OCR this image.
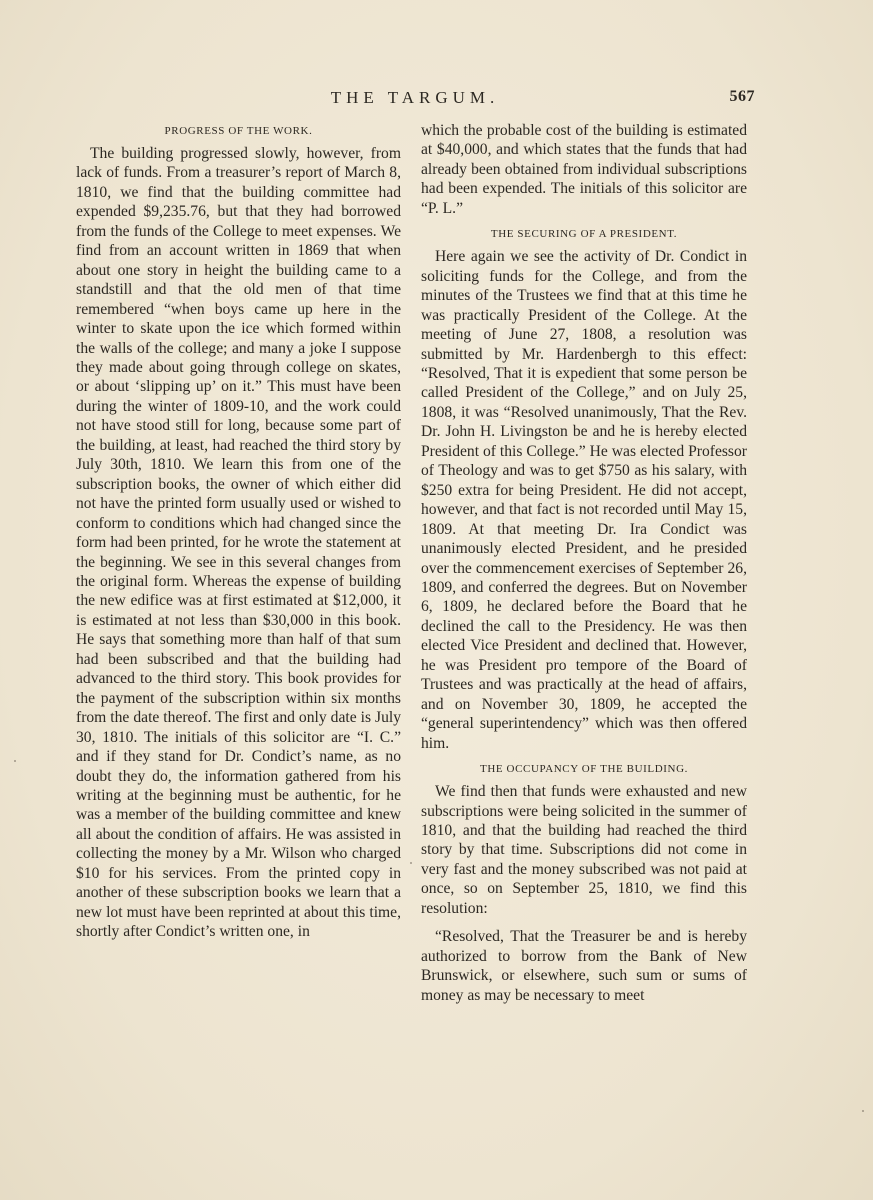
THE TARGUM.	567
PROGRESS OF THE WORK.

The building progressed slowly, however, from lack of funds. From a treasurer’s report of March 8, 1810, we find that the building committee had expended $9,235.76, but that they had borrowed from the funds of the College to meet expenses. We find from an account written in 1869 that when about one story in height the building came to a standstill and that the old men of that time remembered “when boys came up here in the winter to skate upon the ice which formed within the walls of the college; and many a joke I suppose they made about going through college on skates, or about ‘slipping up’ on it.” This must have been during the winter of 1809-10, and the work could not have stood still for long, because some part of the building, at least, had reached the third story by July 30th, 1810. We learn this from one of the subscription books, the owner of which either did not have the printed form usually used or wished to conform to conditions which had changed since the form had been printed, for he wrote the statement at the beginning. We see in this several changes from the original form. Whereas the expense of building the new edifice was at first estimated at $12,000, it is estimated at not less than $30,000 in this book. He says that something more than half of that sum had been subscribed and that the building had advanced to the third story. This book provides for the payment of the subscription within six months from the date thereof. The first and only date is July 30, 1810. The initials of this solicitor are “I. C.” and if they stand for Dr. Condict’s name, as no doubt they do, the information gathered from his writing at the beginning must be authentic, for he was a member of the building committee and knew all about the condition of affairs. He was assisted in collecting the money by a Mr. Wilson who charged $10 for his services. From the printed copy in another of these subscription books we learn that a new lot must have been reprinted at about this time, shortly after Condict’s written one, in

which the probable cost of the building is estimated at $40,000, and which states that the funds that had already been obtained from individual subscriptions had been expended. The initials of this solicitor are “P. L.”

THE SECURING OF A PRESIDENT.

Here again we see the activity of Dr. Condict in soliciting funds for the College, and from the minutes of the Trustees we find that at this time he was practically President of the College. At the meeting of June 27, 1808, a resolution was submitted by Mr. Hardenbergh to this effect: “Resolved, That it is expedient that some person be called President of the College,” and on July 25, 1808, it was “Resolved unanimously, That the Rev. Dr. John H. Livingston be and he is hereby elected President of this College.” He was elected Professor of Theology and was to get $750 as his salary, with $250 extra for being President. He did not accept, however, and that fact is not recorded until May 15, 1809. At that meeting Dr. Ira Condict was unanimously elected President, and he presided over the commencement exercises of September 26, 1809, and conferred the degrees. But on November 6, 1809, he declared before the Board that he declined the call to the Presidency. He was then elected Vice President and declined that. However, he was President pro tempore of the Board of Trustees and was practically at the head of affairs, and on November 30, 1809, he accepted the “general superintendency” which was then offered him.

THE OCCUPANCY OF THE BUILDING.

We find then that funds were exhausted and new subscriptions were being solicited in the summer of 1810, and that the building had reached the third story by that time. Subscriptions did not come in very fast and the money subscribed was not paid at once, so on September 25, 1810, we find this resolution:

“Resolved, That the Treasurer be and is hereby authorized to borrow from the Bank of New Brunswick, or elsewhere, such sum or sums of money as may be necessary to meet
